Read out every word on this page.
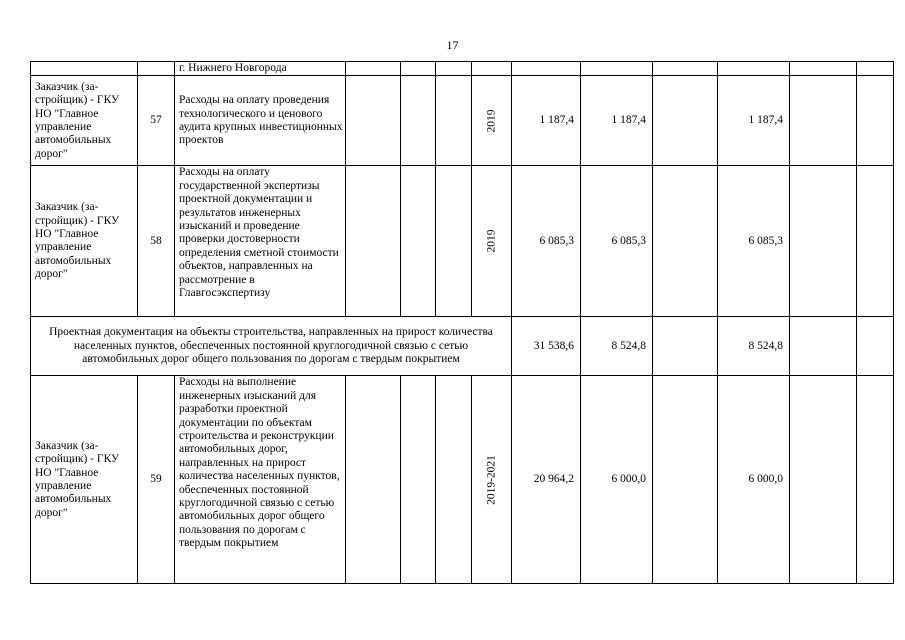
17
		г. Нижнего Новгорода										
Заказчик (за-стройщик) - ГКУ НО "Главное управление автомобильных дорог"	57	Расходы на оплату проведения технологического и ценового аудита крупных инвестиционных проектов				2019	1 187,4	1 187,4		1 187,4		
Заказчик (за-стройщик) - ГКУ НО "Главное управление автомобильных дорог"	58	Расходы на оплату государственной экспертизы проектной документации и результатов инженерных изысканий и проведение проверки достоверности определения сметной стоимости объектов, направленных на рассмотрение в Главгосэкспертизу				2019	6 085,3	6 085,3		6 085,3		
Проектная документация на объекты строительства, направленных на прирост количества населенных пунктов, обеспеченных постоянной круглогодичной связью с сетью автомобильных дорог общего пользования по дорогам с твердым покрытием							31 538,6	8 524,8		8 524,8		
Заказчик (за-стройщик) - ГКУ НО "Главное управление автомобильных дорог"	59	Расходы на выполнение инженерных изысканий для разработки проектной документации по объектам строительства и реконструкции автомобильных дорог, направленных на прирост количества населенных пунктов, обеспеченных постоянной круглогодичной связью с сетью автомобильных дорог общего пользования по дорогам с твердым покрытием				2019-2021	20 964,2	6 000,0		6 000,0		
